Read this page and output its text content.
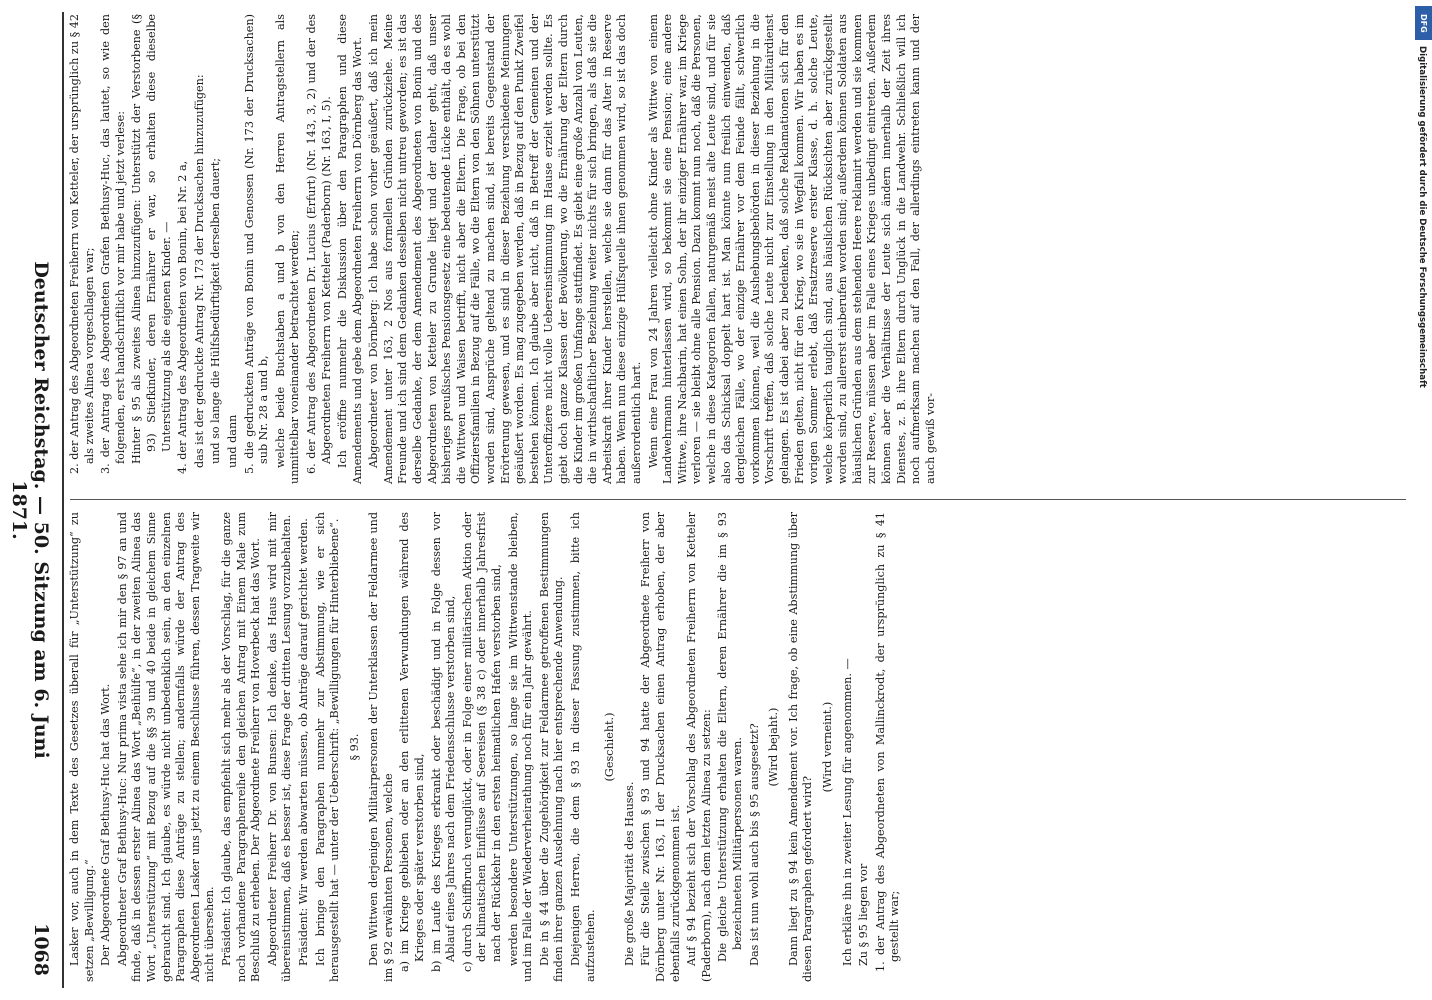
1068
Deutscher Reichstag. — 50. Sitzung am 6. Juni 1871.

Lasker vor, auch in dem Texte des Gesetzes überall für „Unterstützung“ zu setzen „Bewilligung.“ Der Abgeordnete Graf Bethusy-Huc hat das Wort. Abgeordneter Graf Bethusy-Huc: Nur prima vista sehe ich mir den § 97 an und finde, daß in dessen erster Alinea das Wort „Beihülfe“, in der zweiten Alinea das Wort „Unterstützung“ mit Bezug auf die §§ 39 und 40 beide in gleichem Sinne gebraucht sind. Ich glaube, es würde nicht unbedenklich sein, an den einzelnen Paragraphen diese Anträge zu stellen; andernfalls würde der Antrag des Abgeordneten Lasker uns jetzt zu einem Beschlusse führen, dessen Tragweite wir nicht übersehen. Präsident: Ich glaube, das empfiehlt sich mehr als der Vorschlag, für die ganze noch vorhandene Paragraphenreihe den gleichen Antrag mit Einem Male zum Beschluß zu erheben. Der Abgeordnete Freiherr von Hoverbeck hat das Wort. Abgeordneter Freiherr Dr. von Bunsen: Ich denke, das Haus wird mit mir übereinstimmen, daß es besser ist, diese Frage der dritten Lesung vorzubehalten. Präsident: Wir werden abwarten müssen, ob Anträge darauf gerichtet werden. Ich bringe den Paragraphen nunmehr zur Abstimmung, wie er sich herausgestellt hat — unter der Ueberschrift: „Bewilligungen für Hinterbliebene“. § 93. Den Wittwen derjenigen Militairpersonen der Unterklassen der Feldarmee und im § 92 erwähnten Personen, welche a) im Kriege geblieben oder an den erlittenen Verwundungen während des Krieges oder später verstorben sind, b) im Laufe des Krieges erkrankt oder beschädigt und in Folge dessen vor Ablauf eines Jahres nach dem Friedensschlusse verstorben sind, c) durch Schiffbruch verunglückt, oder in Folge einer militärischen Aktion oder der klimatischen Einflüsse auf Seereisen (§ 38 c) oder innerhalb Jahresfrist nach der Rückkehr in den ersten heimatlichen Hafen verstorben sind, werden besondere Unterstützungen, so lange sie im Wittwenstande bleiben, und im Falle der Wiederverheirathung noch für ein Jahr gewährt. Die in § 44 über die Zugehörigkeit zur Feldarmee getroffenen Bestimmungen finden ihrer ganzen Ausdehnung nach hier entsprechende Anwendung. Diejenigen Herren, die dem § 93 in dieser Fassung zustimmen, bitte ich aufzustehen.

(Geschieht.)

Die große Majorität des Hauses. Für die Stelle zwischen § 93 und 94 hatte der Abgeordnete Freiherr von Dörnberg unter Nr. 163, II der Drucksachen einen Antrag erhoben, der aber ebenfalls zurückgenommen ist. Auf § 94 bezieht sich der Vorschlag des Abgeordneten Freiherrn von Ketteler (Paderborn), nach dem letzten Alinea zu setzen: Die gleiche Unterstützung erhalten die Eltern, deren Ernährer die im § 93 bezeichneten Militärpersonen waren. Das ist nun wohl auch bis § 95 ausgesetzt? (Wird bejaht.) Dann liegt zu § 94 kein Amendement vor. Ich frage, ob eine Abstimmung über diesen Paragraphen gefordert wird?

(Wird verneint.) Ich erkläre ihn in zweiter Lesung für angenommen. — Zu § 95 liegen vor 1. der Antrag des Abgeordneten von Mallinckrodt, der ursprünglich zu § 41 gestellt war;

2. der Antrag des Abgeordneten Freiherrn von Ketteler, der ursprünglich zu § 42 als zweites Alinea vorgeschlagen war; 3. der Antrag des Abgeordneten Grafen Bethusy-Huc, das lautet, so wie den folgenden, erst handschriftlich vor mir habe und jetzt verlese: Hinter § 95 als zweites Alinea hinzuzufügen: Unterstützt der Verstorbene (§ 93) Stiefkinder, deren Ernährer er war, so erhalten diese dieselbe Unterstützung als die eigenen Kinder. — 4. der Antrag des Abgeordneten von Bonin, bei Nr. 2 a, das ist der gedruckte Antrag Nr. 173 der Drucksachen hinzuzufügen: und so lange die Hülfsbedürftigkeit derselben dauert; und dann 5. die gedruckten Anträge von Bonin und Genossen (Nr. 173 der Drucksachen) sub Nr. 28 a und b, welche beide Buchstaben a und b von den Herren Antragstellern als unmittelbar voneinander betrachtet werden; 6. der Antrag des Abgeordneten Dr. Lucius (Erfurt) (Nr. 143, 3, 2) und der des Abgeordneten Freiherrn von Ketteler (Paderborn) (Nr. 163, I, 5). Ich eröffne nunmehr die Diskussion über den Paragraphen und diese Amendements und gebe dem Abgeordneten Freiherrn von Dörnberg das Wort. Abgeordneter von Dörnberg: Ich habe schon vorher geäußert, daß ich mein Amendement unter 163, 2 Nos aus formellen Gründen zurückziehe. Meine Freunde und ich sind dem Gedanken desselben nicht untreu geworden; es ist das derselbe Gedanke, der dem Amendement des Abgeordneten von Bonin und des Abgeordneten von Ketteler zu Grunde liegt und der daher geht, daß unser bisheriges preußisches Pensionsgesetz eine bedeutende Lücke enthält, da es wohl die Wittwen und Waisen betrifft, nicht aber die Eltern. Die Frage, ob bei den Offiziersfamilien in Bezug auf die Fälle, wo die Eltern von den Söhnen unterstützt worden sind, Ansprüche geltend zu machen sind, ist bereits Gegenstand der Erörterung gewesen, und es sind in dieser Beziehung verschiedene Meinungen geäußert worden. Es mag zugegeben werden, daß in Bezug auf den Punkt Zweifel bestehen können. Ich glaube aber nicht, daß in Betreff der Gemeinen und der Unteroffiziere nicht volle Uebereinstimmung im Hause erzielt werden sollte. Es giebt doch ganze Klassen der Bevölkerung, wo die Ernährung der Eltern durch die Kinder im großen Umfange stattfindet. Es giebt eine große Anzahl von Leuten, die in wirthschaftlicher Beziehung weiter nichts für sich bringen, als daß sie die Arbeitskraft ihrer Kinder herstellen, welche sie dann für das Alter in Reserve haben. Wenn nun diese einzige Hülfsquelle ihnen genommen wird, so ist das doch außerordentlich hart. Wenn eine Frau von 24 Jahren vielleicht ohne Kinder als Wittwe von einem Landwehrmann hinterlassen wird, so bekommt sie eine Pension; eine andere Wittwe, ihre Nachbarin, hat einen Sohn, der ihr einziger Ernährer war, im Kriege verloren — sie bleibt ohne alle Pension. Dazu kommt nun noch, daß die Personen, welche in diese Kategorien fallen, naturgemäß meist alte Leute sind, und für sie also das Schicksal doppelt hart ist. Man könnte nun freilich einwenden, daß dergleichen Fälle, wo der einzige Ernährer vor dem Feinde fällt, schwerlich vorkommen können, weil die Aushebungsbehörden in dieser Beziehung in die Vorschrift treffen, daß solche Leute nicht zur Einstellung in den Militairdienst gelangen. Es ist dabei aber zu bedenken, daß solche Reklamationen sich für den Frieden gelten, nicht für den Krieg, wo sie in Wegfall kommen. Wir haben es im vorigen Sommer erlebt, daß Ersatzreserve erster Klasse, d. h. solche Leute, welche körperlich tauglich sind, aus häuslichen Rücksichten aber zurückgestellt worden sind, zu allererst einberufen worden sind; außerdem können Soldaten aus häuslichen Gründen aus dem stehenden Heere reklamirt werden und sie kommen zur Reserve, müssen aber im Falle eines Krieges unbedingt eintreten. Außerdem können aber die Verhältnisse der Leute sich ändern innerhalb der Zeit ihres Dienstes, z. B. ihre Eltern durch Unglück in die Landwehr. Schließlich will ich noch aufmerksam machen auf den Fall, der allerdings eintreten kann und der auch gewiß vor-

DFG
Digitalisierung gefördert durch die Deutsche Forschungsgemeinschaft
